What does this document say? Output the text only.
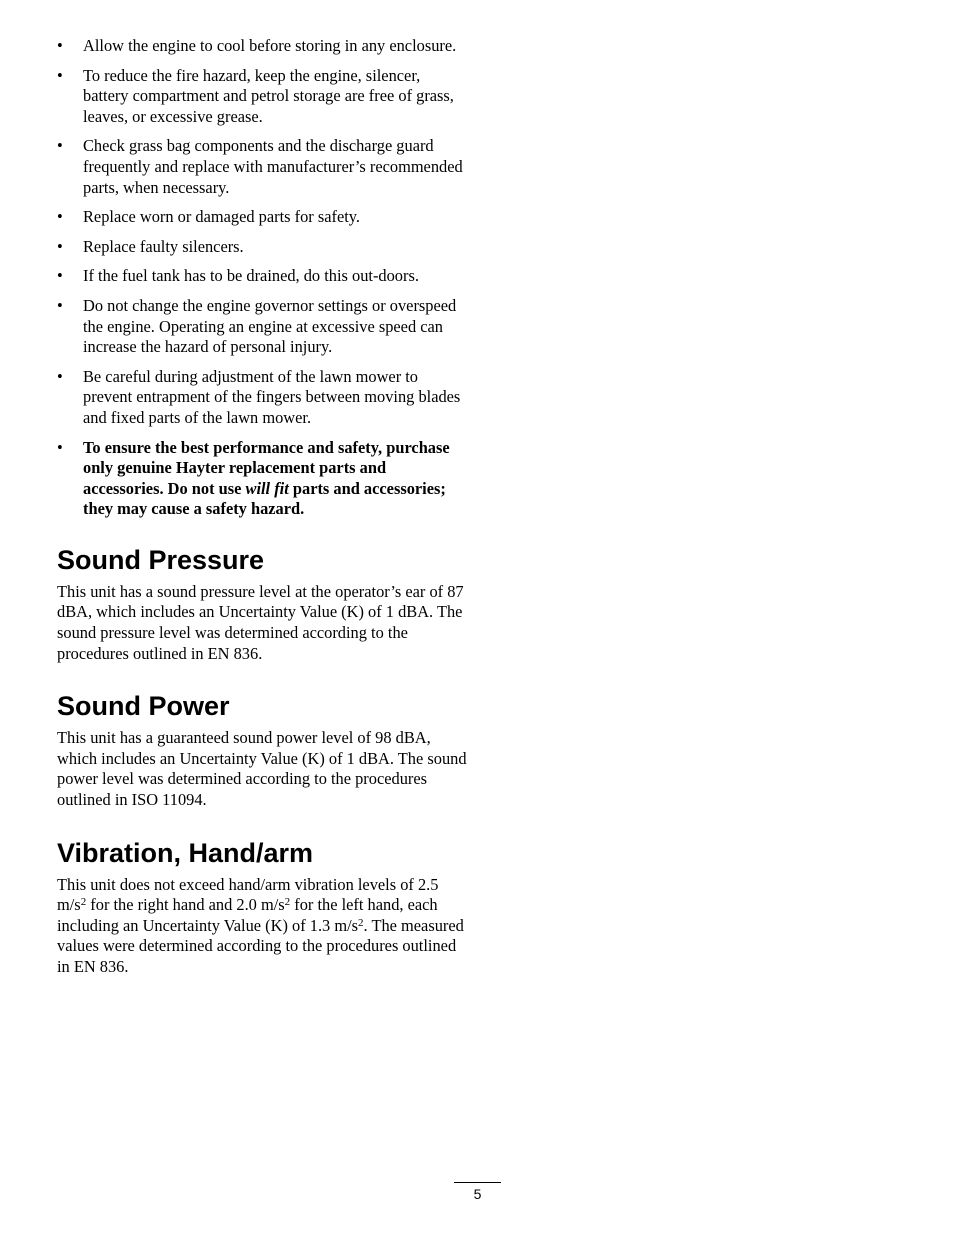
• Allow the engine to cool before storing in any enclosure.
• To reduce the fire hazard, keep the engine, silencer, battery compartment and petrol storage are free of grass, leaves, or excessive grease.
• Check grass bag components and the discharge guard frequently and replace with manufacturer’s recommended parts, when necessary.
• Replace worn or damaged parts for safety.
• Replace faulty silencers.
• If the fuel tank has to be drained, do this out-doors.
• Do not change the engine governor settings or overspeed the engine. Operating an engine at excessive speed can increase the hazard of personal injury.
• Be careful during adjustment of the lawn mower to prevent entrapment of the fingers between moving blades and fixed parts of the lawn mower.
• To ensure the best performance and safety, purchase only genuine Hayter replacement parts and accessories. Do not use will fit parts and accessories; they may cause a safety hazard.
Sound Pressure

This unit has a sound pressure level at the operator’s ear of 87 dBA, which includes an Uncertainty Value (K) of 1 dBA. The sound pressure level was determined according to the procedures outlined in EN 836.

Sound Power

This unit has a guaranteed sound power level of 98 dBA, which includes an Uncertainty Value (K) of 1 dBA. The sound power level was determined according to the procedures outlined in ISO 11094.

Vibration, Hand/arm

This unit does not exceed hand/arm vibration levels of 2.5 $m/s^2$ for the right hand and 2.0 $m/s^2$ for the left hand, each including an Uncertainty Value (K) of 1.3 $m/s^2$. The measured values were determined according to the procedures outlined in EN 836.

5
